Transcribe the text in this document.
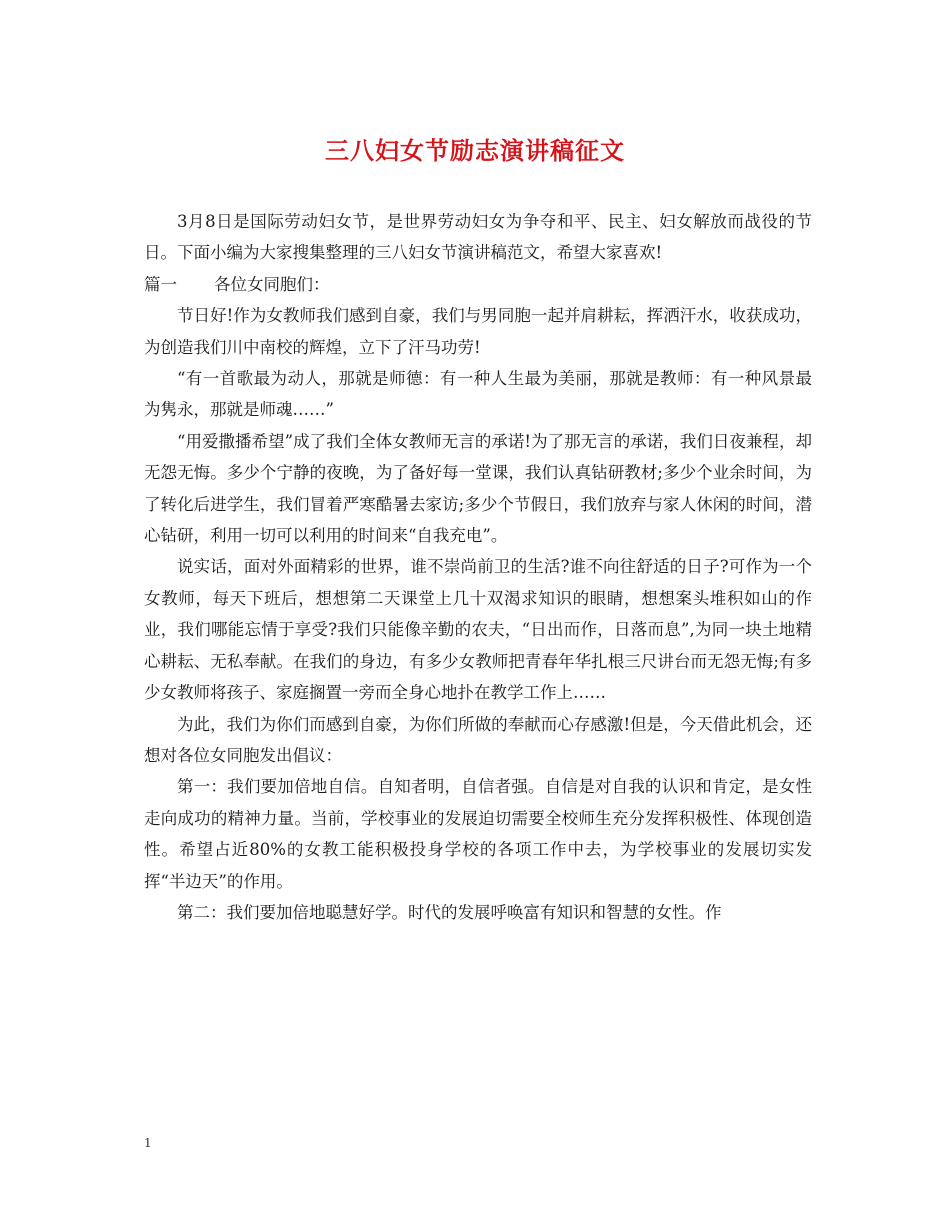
三八妇女节励志演讲稿征文

3月8日是国际劳动妇女节，是世界劳动妇女为争夺和平、民主、妇女解放而战役的节日。下面小编为大家搜集整理的三八妇女节演讲稿范文，希望大家喜欢!

篇一 各位女同胞们：

节日好!作为女教师我们感到自豪，我们与男同胞一起并肩耕耘，挥洒汗水，收获成功，为创造我们川中南校的辉煌，立下了汗马功劳!

“有一首歌最为动人，那就是师德：有一种人生最为美丽，那就是教师：有一种风景最为隽永，那就是师魂……”

“用爱撒播希望”成了我们全体女教师无言的承诺!为了那无言的承诺，我们日夜兼程，却无怨无悔。多少个宁静的夜晚，为了备好每一堂课，我们认真钻研教材;多少个业余时间，为了转化后进学生，我们冒着严寒酷暑去家访;多少个节假日，我们放弃与家人休闲的时间，潜心钻研，利用一切可以利用的时间来“自我充电”。

说实话，面对外面精彩的世界，谁不崇尚前卫的生活?谁不向往舒适的日子?可作为一个女教师，每天下班后，想想第二天课堂上几十双渴求知识的眼睛，想想案头堆积如山的作业，我们哪能忘情于享受?我们只能像辛勤的农夫，“日出而作，日落而息”,为同一块土地精心耕耘、无私奉献。在我们的身边，有多少女教师把青春年华扎根三尺讲台而无怨无悔;有多少女教师将孩子、家庭搁置一旁而全身心地扑在教学工作上……

为此，我们为你们而感到自豪，为你们所做的奉献而心存感激!但是，今天借此机会，还想对各位女同胞发出倡议：

第一：我们要加倍地自信。自知者明，自信者强。自信是对自我的认识和肯定，是女性走向成功的精神力量。当前，学校事业的发展迫切需要全校师生充分发挥积极性、体现创造性。希望占近80%的女教工能积极投身学校的各项工作中去，为学校事业的发展切实发挥“半边天”的作用。

第二：我们要加倍地聪慧好学。时代的发展呼唤富有知识和智慧的女性。作

1
